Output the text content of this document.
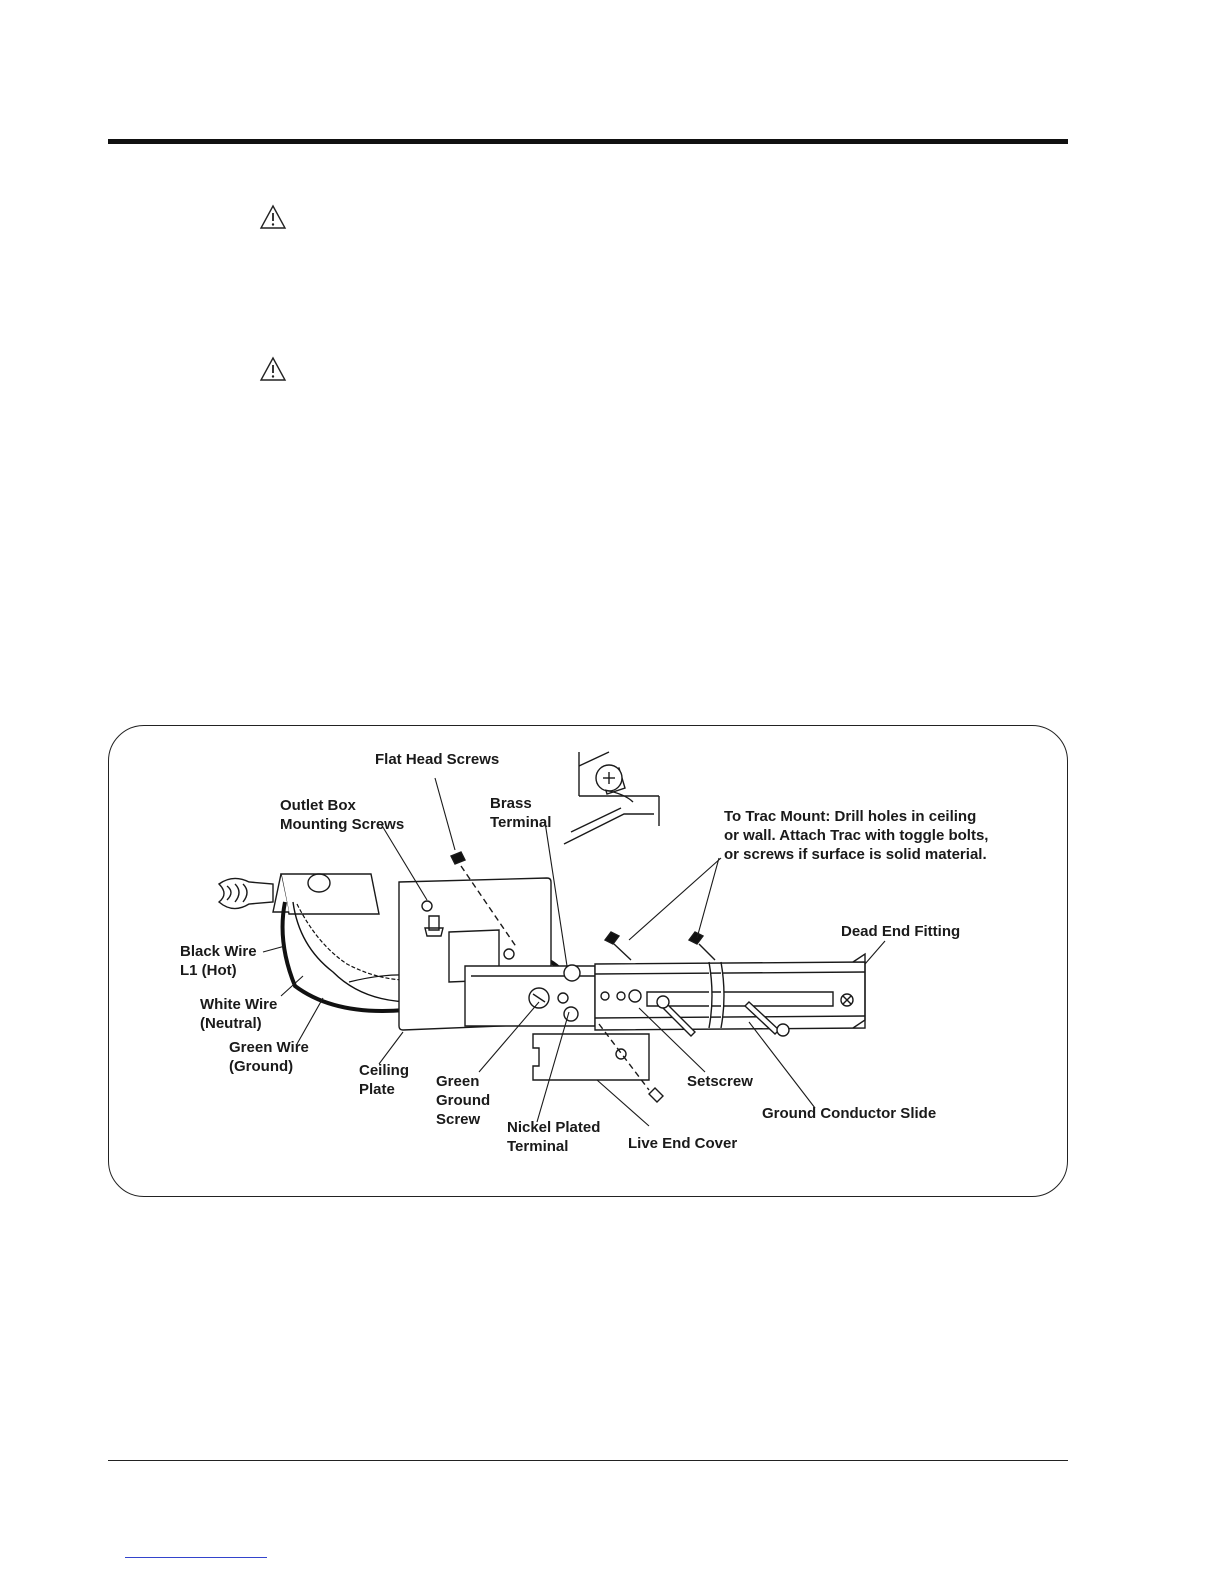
Flat Head Screws
Outlet Box
Mounting Screws
Brass
Terminal	To Trac Mount: Drill holes in ceiling
or wall. Attach Trac with toggle bolts,
or screws if surface is solid material.
Dead End Fitting
Black Wire
L1 (Hot)
White Wire
(Neutral)
Green Wire
(Ground)	Ceiling
Plate	Green
Ground
Screw	Nickel Plated
Terminal
Setscrew
Live End Cover
Ground Conductor Slide
